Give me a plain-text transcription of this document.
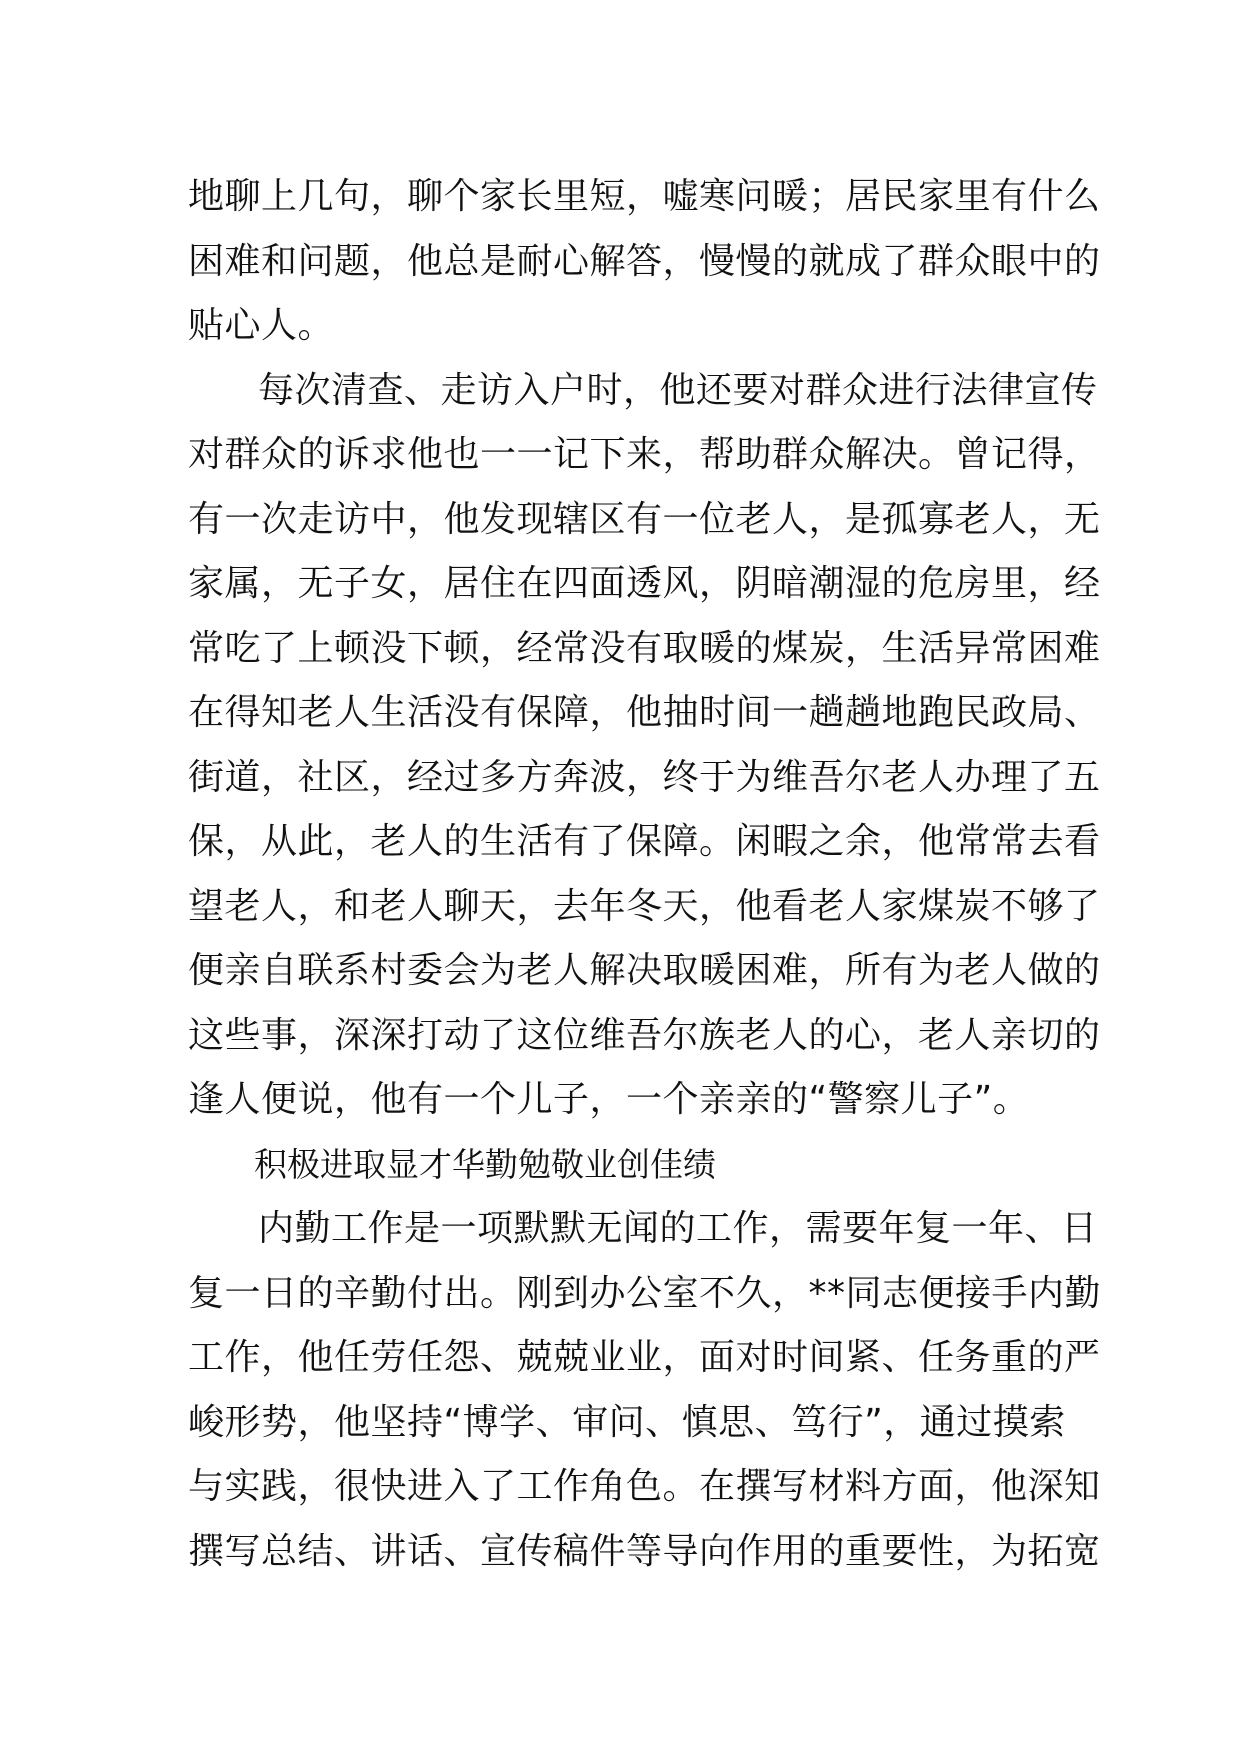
地聊上几句，聊个家长里短，嘘寒问暖；居民家里有什么
困难和问题，他总是耐心解答，慢慢的就成了群众眼中的
贴心人。
每次清查、走访入户时，他还要对群众进行法律宣传
对群众的诉求他也一一记下来，帮助群众解决。曾记得，
有一次走访中，他发现辖区有一位老人，是孤寡老人，无
家属，无子女，居住在四面透风，阴暗潮湿的危房里，经
常吃了上顿没下顿，经常没有取暖的煤炭，生活异常困难
在得知老人生活没有保障，他抽时间一趟趟地跑民政局、
街道，社区，经过多方奔波，终于为维吾尔老人办理了五
保，从此，老人的生活有了保障。闲暇之余，他常常去看
望老人，和老人聊天，去年冬天，他看老人家煤炭不够了
便亲自联系村委会为老人解决取暖困难，所有为老人做的
这些事，深深打动了这位维吾尔族老人的心，老人亲切的
逢人便说，他有一个儿子，一个亲亲的“警察儿子”。
积极进取显才华勤勉敬业创佳绩
内勤工作是一项默默无闻的工作，需要年复一年、日
复一日的辛勤付出。刚到办公室不久，**同志便接手内勤
工作，他任劳任怨、兢兢业业，面对时间紧、任务重的严
峻形势，他坚持“博学、审问、慎思、笃行”，通过摸索
与实践，很快进入了工作角色。在撰写材料方面，他深知
撰写总结、讲话、宣传稿件等导向作用的重要性，为拓宽
